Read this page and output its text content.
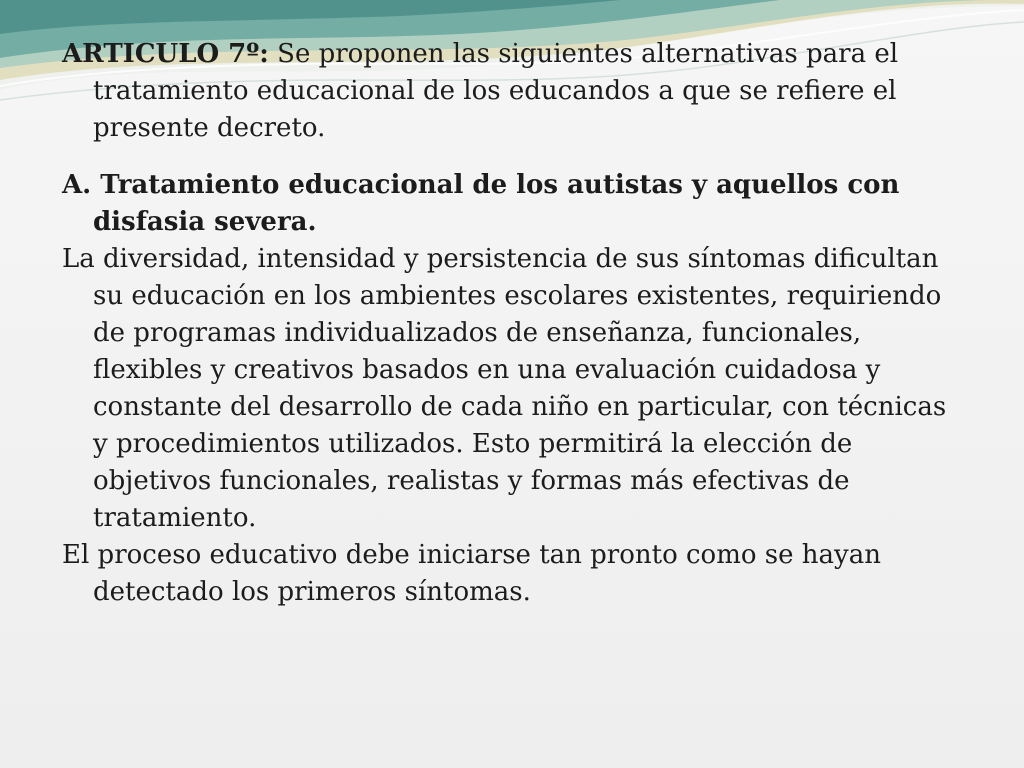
ARTICULO 7º: Se proponen las siguientes alternativas para el tratamiento educacional de los educandos a que se refiere el presente decreto.

A. Tratamiento educacional de los autistas y aquellos con disfasia severa.

La diversidad, intensidad y persistencia de sus síntomas dificultan su educación en los ambientes escolares existentes, requiriendo de programas individualizados de enseñanza, funcionales, flexibles y creativos basados en una evaluación cuidadosa y constante del desarrollo de cada niño en particular, con técnicas y procedimientos utilizados. Esto permitirá la elección de objetivos funcionales, realistas y formas más efectivas de tratamiento.

El proceso educativo debe iniciarse tan pronto como se hayan detectado los primeros síntomas.
